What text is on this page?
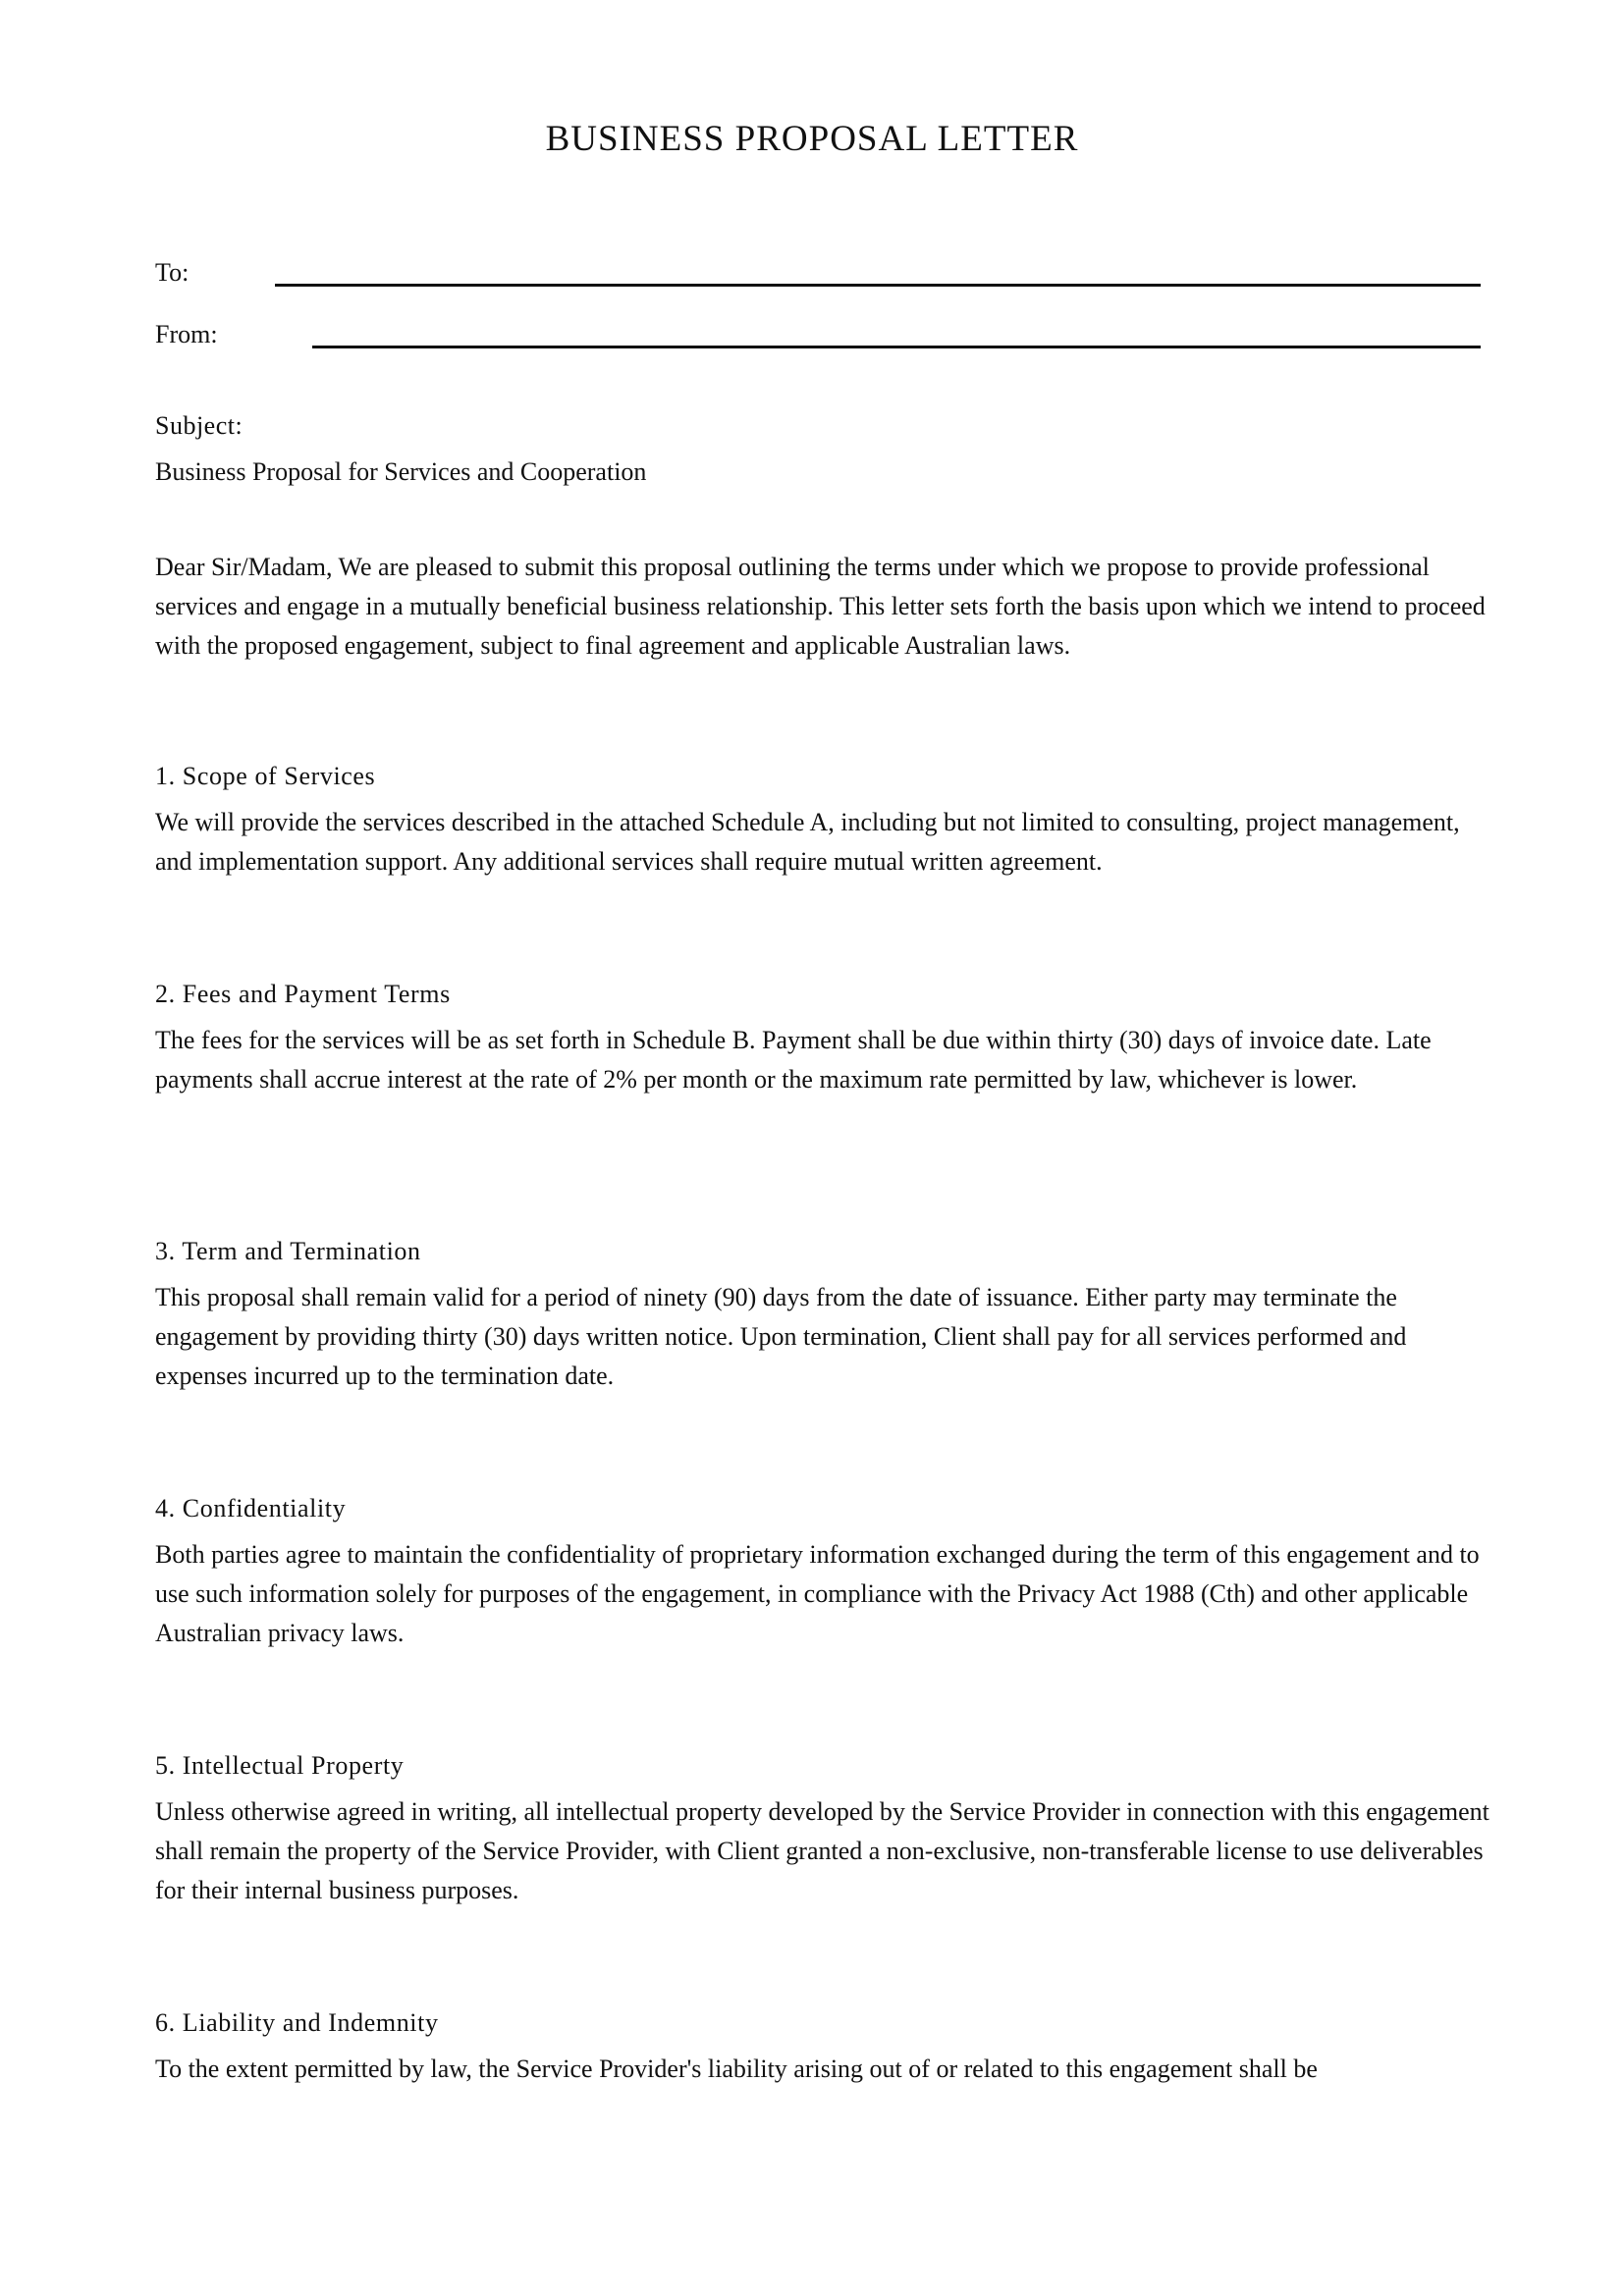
BUSINESS PROPOSAL LETTER
To:
From:
Subject:
Business Proposal for Services and Cooperation

Dear Sir/Madam, We are pleased to submit this proposal outlining the terms under which we propose to provide professional services and engage in a mutually beneficial business relationship. This letter sets forth the basis upon which we intend to proceed with the proposed engagement, subject to final agreement and applicable Australian laws.

1. Scope of Services

We will provide the services described in the attached Schedule A, including but not limited to consulting, project management, and implementation support. Any additional services shall require mutual written agreement.

2. Fees and Payment Terms

The fees for the services will be as set forth in Schedule B. Payment shall be due within thirty (30) days of invoice date. Late payments shall accrue interest at the rate of 2% per month or the maximum rate permitted by law, whichever is lower.

3. Term and Termination

This proposal shall remain valid for a period of ninety (90) days from the date of issuance. Either party may terminate the engagement by providing thirty (30) days written notice. Upon termination, Client shall pay for all services performed and expenses incurred up to the termination date.

4. Confidentiality

Both parties agree to maintain the confidentiality of proprietary information exchanged during the term of this engagement and to use such information solely for purposes of the engagement, in compliance with the Privacy Act 1988 (Cth) and other applicable Australian privacy laws.

5. Intellectual Property

Unless otherwise agreed in writing, all intellectual property developed by the Service Provider in connection with this engagement shall remain the property of the Service Provider, with Client granted a non-exclusive, non-transferable license to use deliverables for their internal business purposes.

6. Liability and Indemnity

To the extent permitted by law, the Service Provider's liability arising out of or related to this engagement shall be
